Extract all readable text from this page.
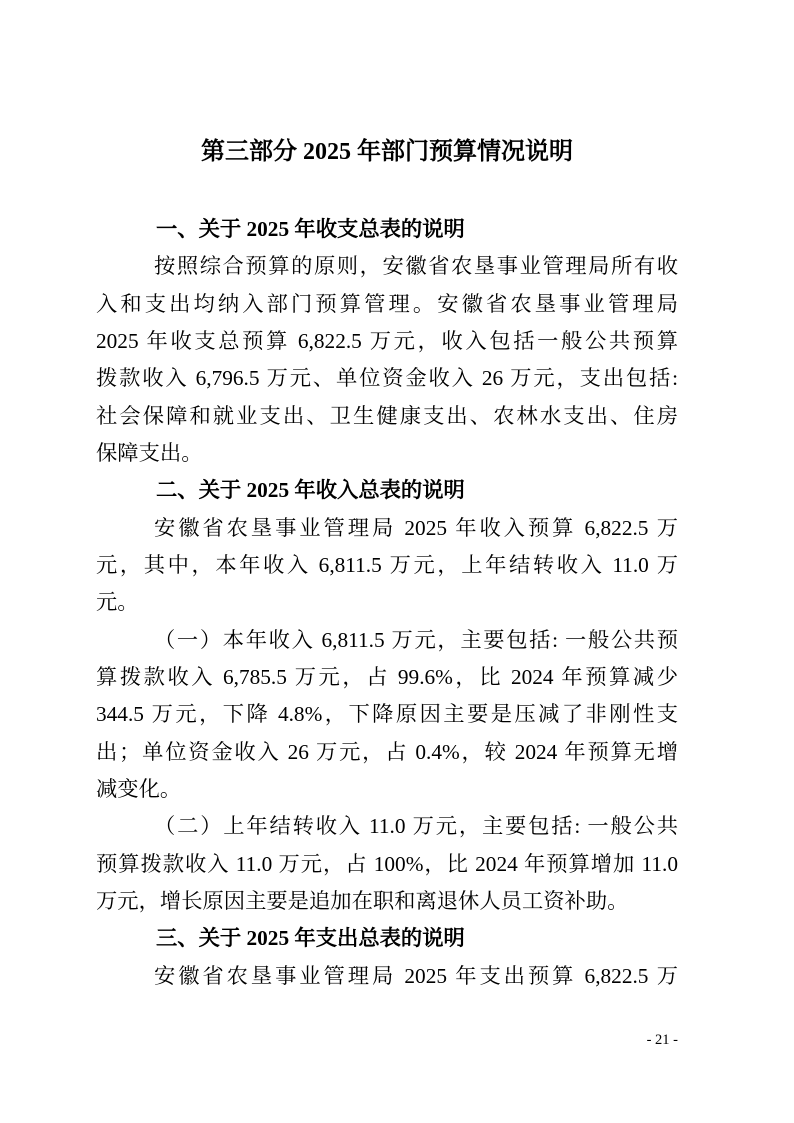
第三部分 2025 年部门预算情况说明
一、关于 2025 年收支总表的说明
按照综合预算的原则，安徽省农垦事业管理局所有收
入和支出均纳入部门预算管理。安徽省农垦事业管理局
2025 年收支总预算 6,822.5 万元，收入包括一般公共预算
拨款收入 6,796.5 万元、单位资金收入 26 万元，支出包括:
社会保障和就业支出、卫生健康支出、农林水支出、住房
保障支出。
二、关于 2025 年收入总表的说明
安徽省农垦事业管理局 2025 年收入预算 6,822.5 万
元，其中，本年收入 6,811.5 万元，上年结转收入 11.0 万
元。
（一）本年收入 6,811.5 万元，主要包括: 一般公共预
算拨款收入 6,785.5 万元，占 99.6%，比 2024 年预算减少
344.5 万元，下降 4.8%，下降原因主要是压减了非刚性支
出；单位资金收入 26 万元，占 0.4%，较 2024 年预算无增
减变化。
（二）上年结转收入 11.0 万元，主要包括: 一般公共
预算拨款收入 11.0 万元，占 100%，比 2024 年预算增加 11.0
万元，增长原因主要是追加在职和离退休人员工资补助。
三、关于 2025 年支出总表的说明
安徽省农垦事业管理局 2025 年支出预算 6,822.5 万
- 21 -
